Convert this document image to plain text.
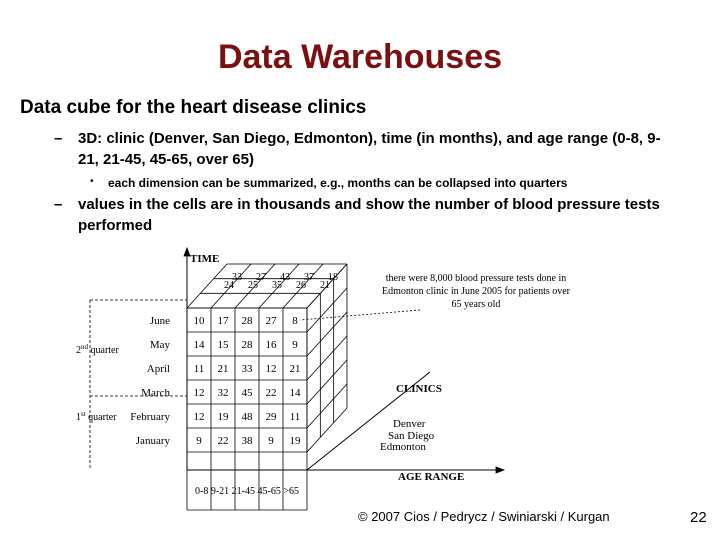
Data Warehouses
Data cube for the heart disease clinics
– 3D: clinic (Denver, San Diego, Edmonton), time (in months), and age range (0-8, 9-21, 21-45, 45-65, over 65)
• each dimension can be summarized, e.g., months can be collapsed into quarters
– values in the cells are in thousands and show the number of blood pressure tests performed
TIME
AGE RANGE
CLINICS
Denver
San Diego
Edmonton
June
May
April
March
February
January
2nd quarter
1st quarter
10 17 28 27 8
14 15 28 16 9
11 21 33 12 21
12 32 45 22 14
12 19 48 29 11
9 22 38 9 19
33 27 43 37 18
24 25 35 26 21
0-8 9-21 21-45 45-65 >65
there were 8,000 blood pressure tests done in Edmonton clinic in June 2005 for patients over 65 years old
© 2007 Cios / Pedrycz / Swiniarski / Kurgan	22
